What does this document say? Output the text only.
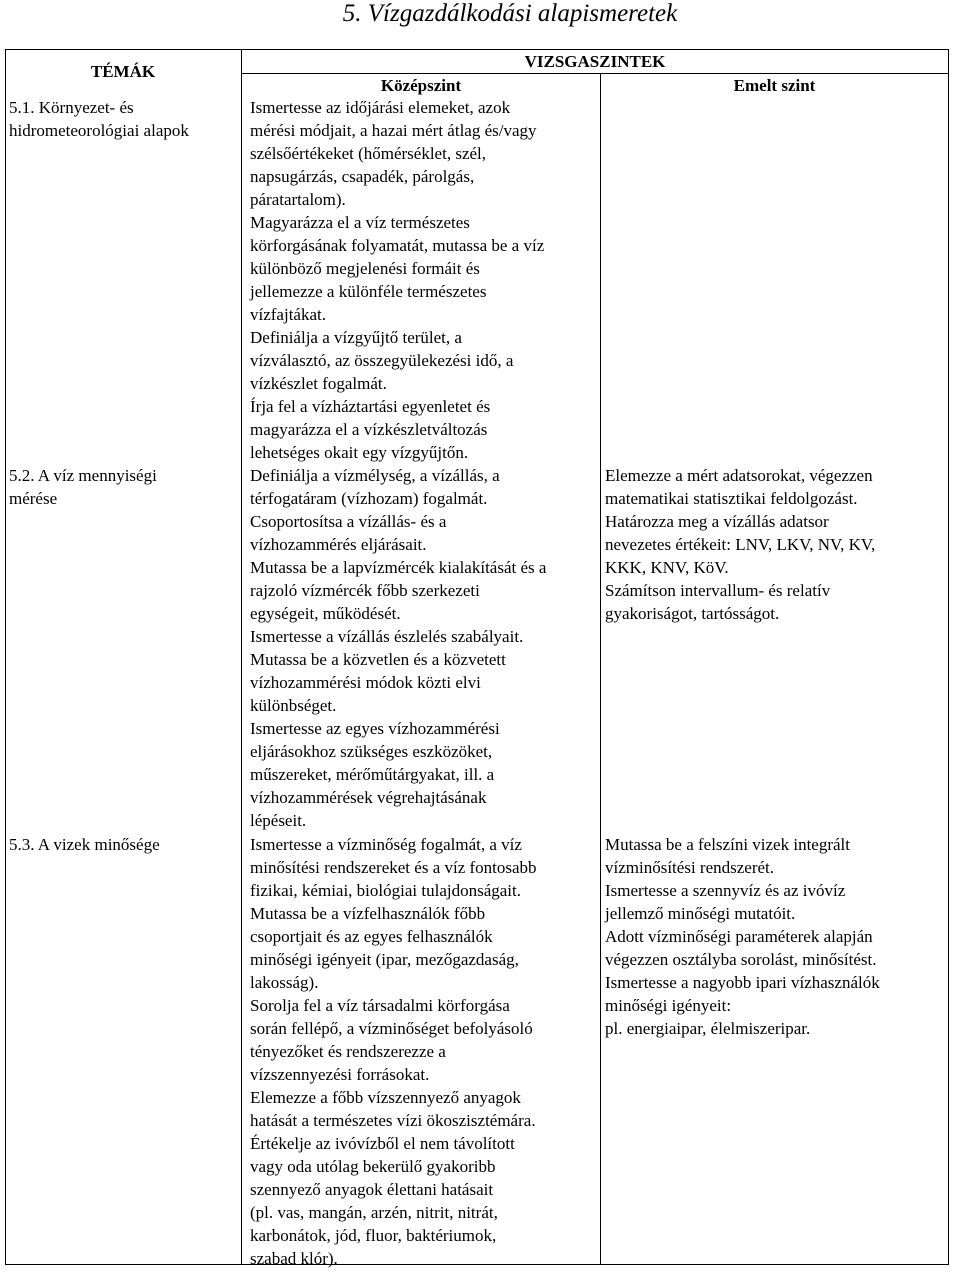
5. Vízgazdálkodási alapismeretek
TÉMÁK
VIZSGASZINTEK
Középszint	Emelt szint
5.1. Környezet- és
hidrometeorológiai alapok
Ismertesse az időjárási elemeket, azok
mérési módjait, a hazai mért átlag és/vagy
szélsőértékeket (hőmérséklet, szél,
napsugárzás, csapadék, párolgás,
páratartalom).
Magyarázza el a víz természetes
körforgásának folyamatát, mutassa be a víz
különböző megjelenési formáit és
jellemezze a különféle természetes
vízfajtákat.
Definiálja a vízgyűjtő terület, a
vízválasztó, az összegyülekezési idő, a
vízkészlet fogalmát.
Írja fel a vízháztartási egyenletet és
magyarázza el a vízkészletváltozás
lehetséges okait egy vízgyűjtőn.
5.2. A víz mennyiségi
mérése
Definiálja a vízmélység, a vízállás, a
térfogatáram (vízhozam) fogalmát.
Csoportosítsa a vízállás- és a
vízhozammérés eljárásait.
Mutassa be a lapvízmércék kialakítását és a
rajzoló vízmércék főbb szerkezeti
egységeit, működését.
Ismertesse a vízállás észlelés szabályait.
Mutassa be a közvetlen és a közvetett
vízhozammérési módok közti elvi
különbséget.
Ismertesse az egyes vízhozammérési
eljárásokhoz szükséges eszközöket,
műszereket, mérőműtárgyakat, ill. a
vízhozammérések végrehajtásának
lépéseit.
Elemezze a mért adatsorokat, végezzen
matematikai statisztikai feldolgozást.
Határozza meg a vízállás adatsor
nevezetes értékeit: LNV, LKV, NV, KV,
KKK, KNV, KöV.
Számítson intervallum- és relatív
gyakoriságot, tartósságot.
5.3. A vizek minősége	Ismertesse a vízminőség fogalmát, a víz
minősítési rendszereket és a víz fontosabb
fizikai, kémiai, biológiai tulajdonságait.
Mutassa be a vízfelhasználók főbb
csoportjait és az egyes felhasználók
minőségi igényeit (ipar, mezőgazdaság,
lakosság).
Sorolja fel a víz társadalmi körforgása
során fellépő, a vízminőséget befolyásoló
tényezőket és rendszerezze a
vízszennyezési forrásokat.
Elemezze a főbb vízszennyező anyagok
hatását a természetes vízi ökoszisztémára.
Értékelje az ivóvízből el nem távolított
vagy oda utólag bekerülő gyakoribb
szennyező anyagok élettani hatásait
(pl. vas, mangán, arzén, nitrit, nitrát,
karbonátok, jód, fluor, baktériumok,
szabad klór).
Mutassa be a felszíni vizek integrált
vízminősítési rendszerét.
Ismertesse a szennyvíz és az ivóvíz
jellemző minőségi mutatóit.
Adott vízminőségi paraméterek alapján
végezzen osztályba sorolást, minősítést.
Ismertesse a nagyobb ipari vízhasználók
minőségi igényeit:
pl. energiaipar, élelmiszeripar.
